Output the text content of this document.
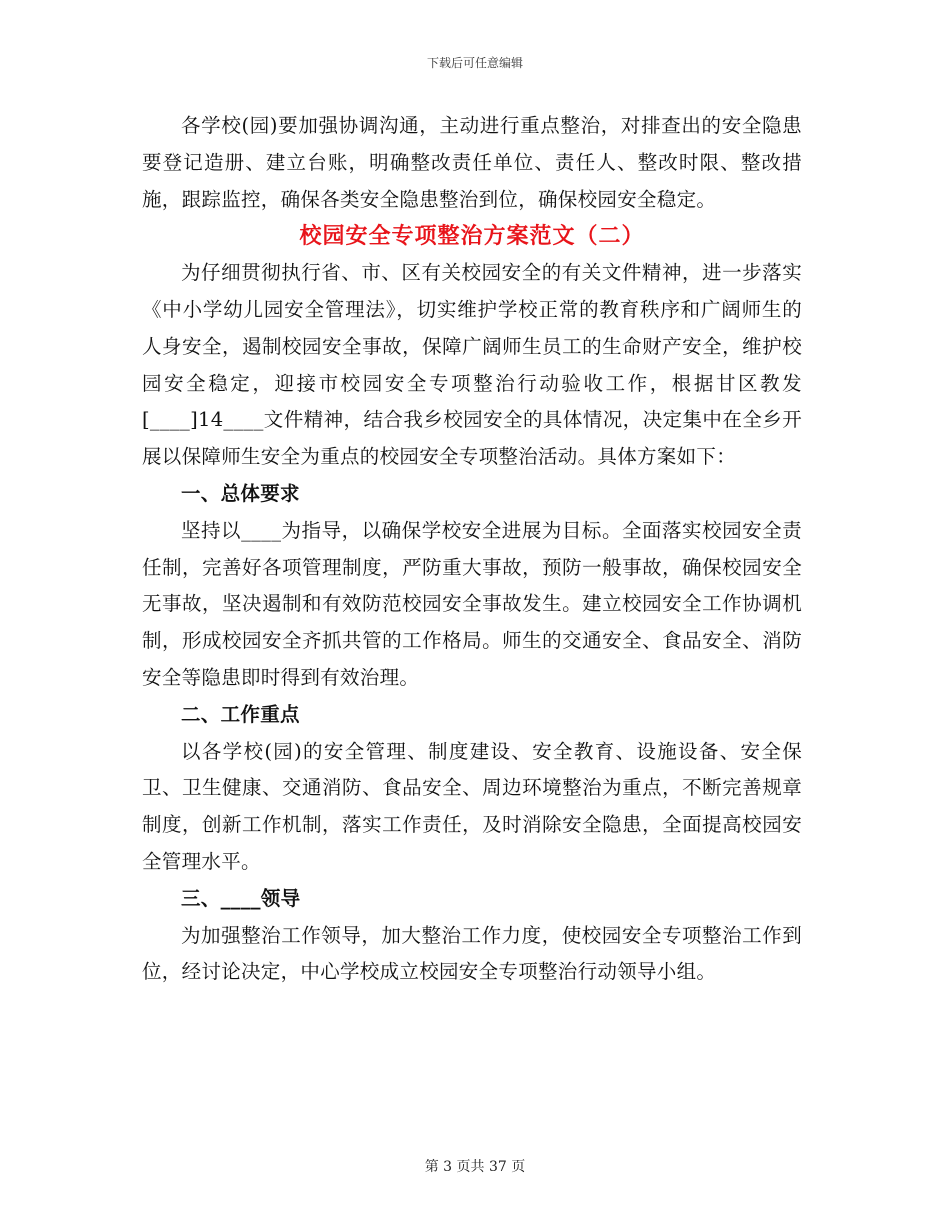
下载后可任意编辑

各学校(园)要加强协调沟通，主动进行重点整治，对排查出的安全隐患要登记造册、建立台账，明确整改责任单位、责任人、整改时限、整改措施，跟踪监控，确保各类安全隐患整治到位，确保校园安全稳定。

校园安全专项整治方案范文（二）

为仔细贯彻执行省、市、区有关校园安全的有关文件精神，进一步落实《中小学幼儿园安全管理法》，切实维护学校正常的教育秩序和广阔师生的人身安全，遏制校园安全事故，保障广阔师生员工的生命财产安全，维护校园安全稳定，迎接市校园安全专项整治行动验收工作，根据甘区教发[____]14____文件精神，结合我乡校园安全的具体情况，决定集中在全乡开展以保障师生安全为重点的校园安全专项整治活动。具体方案如下：

一、总体要求

坚持以____为指导，以确保学校安全进展为目标。全面落实校园安全责任制，完善好各项管理制度，严防重大事故，预防一般事故，确保校园安全无事故，坚决遏制和有效防范校园安全事故发生。建立校园安全工作协调机制，形成校园安全齐抓共管的工作格局。师生的交通安全、食品安全、消防安全等隐患即时得到有效治理。

二、工作重点

以各学校(园)的安全管理、制度建设、安全教育、设施设备、安全保卫、卫生健康、交通消防、食品安全、周边环境整治为重点，不断完善规章制度，创新工作机制，落实工作责任，及时消除安全隐患，全面提高校园安全管理水平。

三、____领导

为加强整治工作领导，加大整治工作力度，使校园安全专项整治工作到位，经讨论决定，中心学校成立校园安全专项整治行动领导小组。

第 3 页共 37 页
